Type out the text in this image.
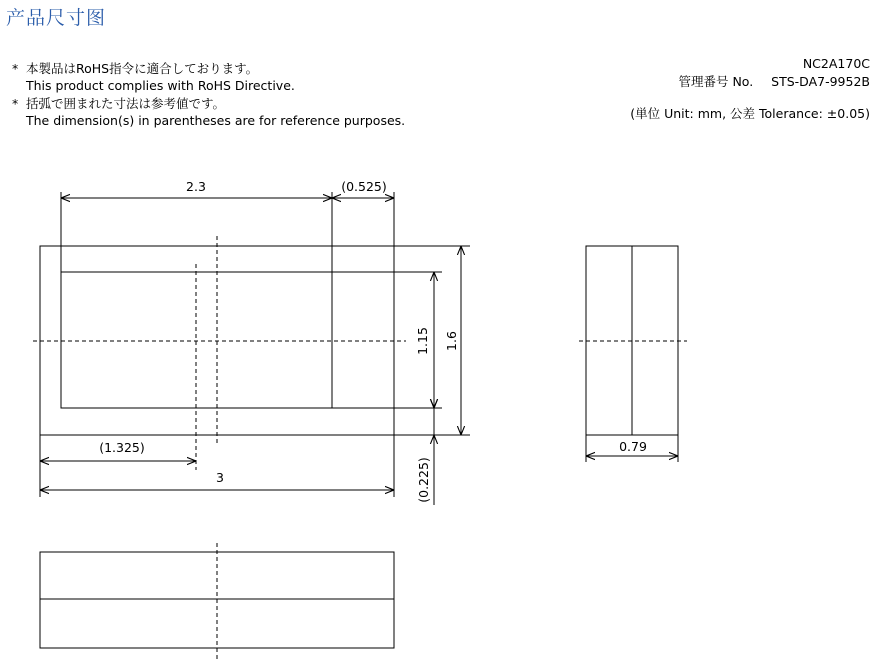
产品尺寸图
* 本製品はRoHS指令に適合しております。
This product complies with RoHS Directive.
* 括弧で囲まれた寸法は参考値です。
The dimension(s) in parentheses are for reference purposes.
NC2A170C
管理番号 No. STS-DA7-9952B
(単位 Unit: mm, 公差 Tolerance: ±0.05)
2.3	(0.525)
1.15 1.6
(1.325)
3	(0.225)
0.79
